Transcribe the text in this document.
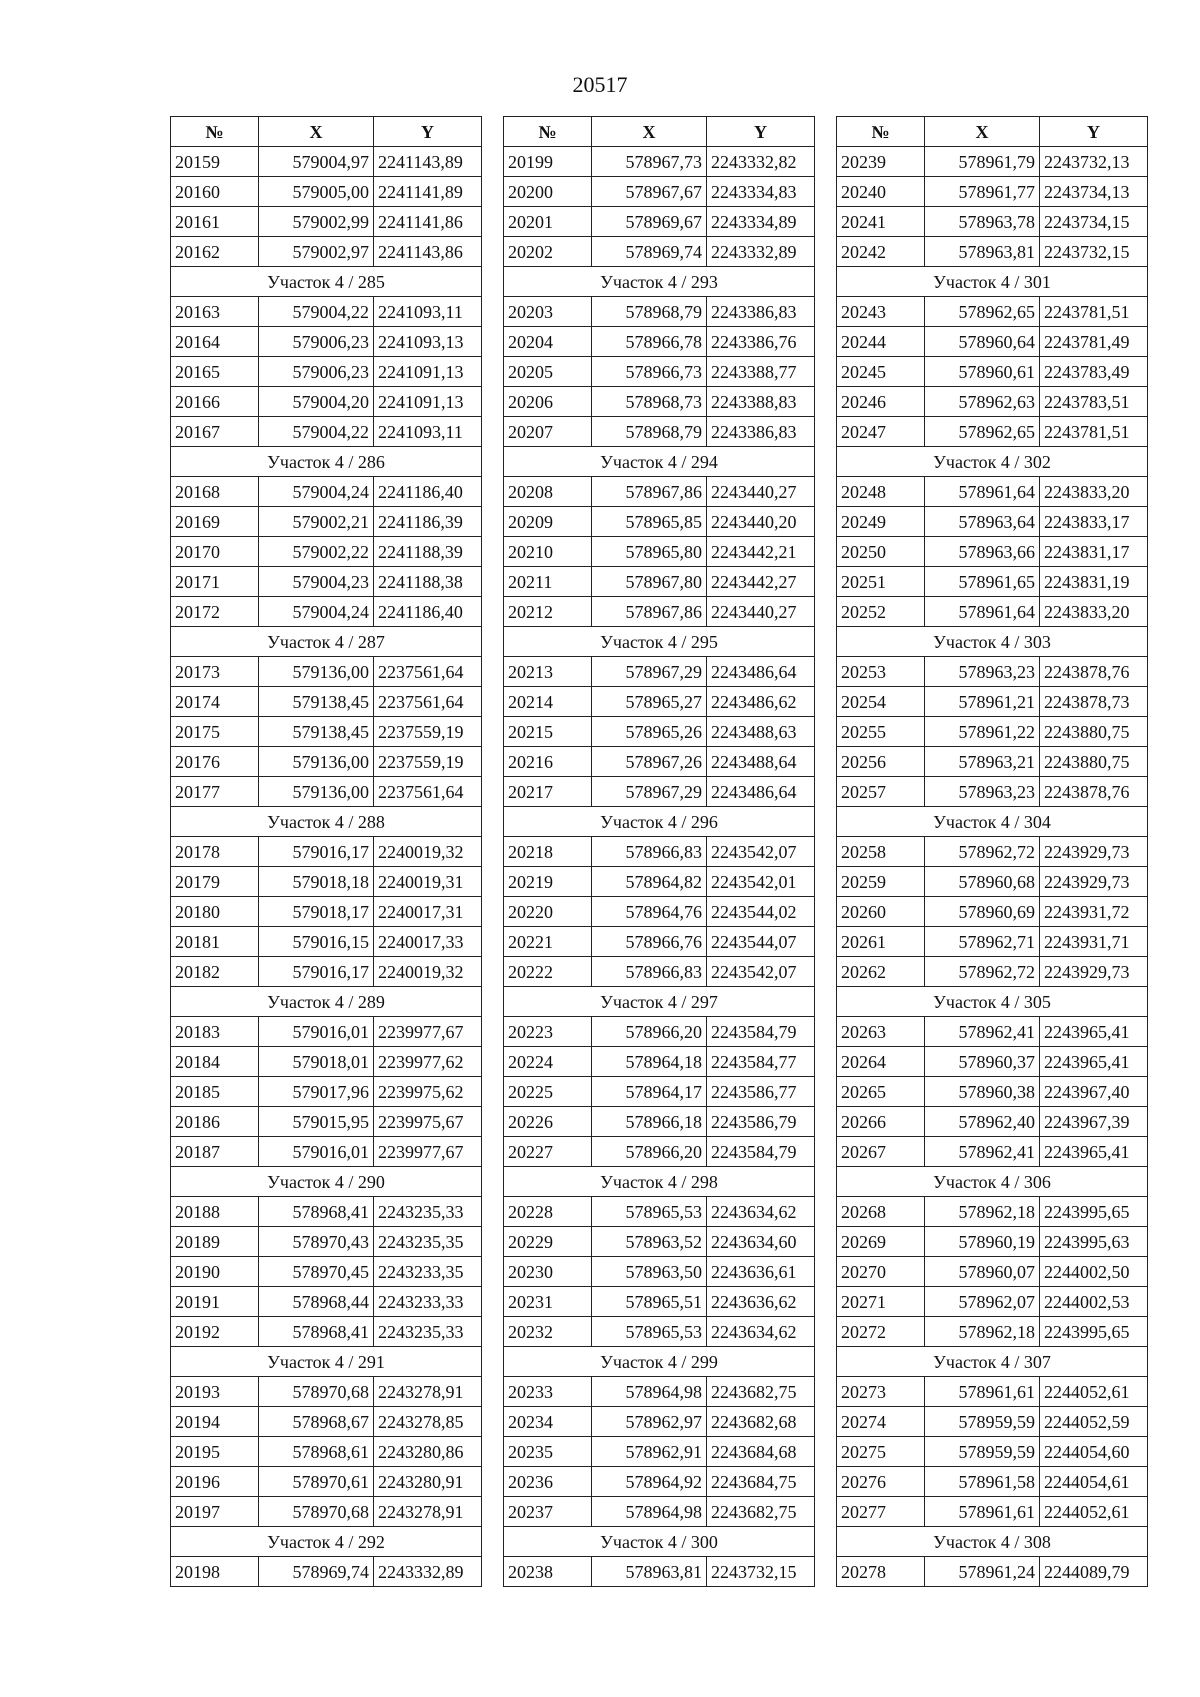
20517
№	X	Y
20159	579004,97	2241143,89
20160	579005,00	2241141,89
20161	579002,99	2241141,86
20162	579002,97	2241143,86
Участок 4 / 285		
20163	579004,22	2241093,11
20164	579006,23	2241093,13
20165	579006,23	2241091,13
20166	579004,20	2241091,13
20167	579004,22	2241093,11
Участок 4 / 286		
20168	579004,24	2241186,40
20169	579002,21	2241186,39
20170	579002,22	2241188,39
20171	579004,23	2241188,38
20172	579004,24	2241186,40
Участок 4 / 287		
20173	579136,00	2237561,64
20174	579138,45	2237561,64
20175	579138,45	2237559,19
20176	579136,00	2237559,19
20177	579136,00	2237561,64
Участок 4 / 288		
20178	579016,17	2240019,32
20179	579018,18	2240019,31
20180	579018,17	2240017,31
20181	579016,15	2240017,33
20182	579016,17	2240019,32
Участок 4 / 289		
20183	579016,01	2239977,67
20184	579018,01	2239977,62
20185	579017,96	2239975,62
20186	579015,95	2239975,67
20187	579016,01	2239977,67
Участок 4 / 290		
20188	578968,41	2243235,33
20189	578970,43	2243235,35
20190	578970,45	2243233,35
20191	578968,44	2243233,33
20192	578968,41	2243235,33
Участок 4 / 291		
20193	578970,68	2243278,91
20194	578968,67	2243278,85
20195	578968,61	2243280,86
20196	578970,61	2243280,91
20197	578970,68	2243278,91
Участок 4 / 292		
20198	578969,74	2243332,89
№	X	Y
20199	578967,73	2243332,82
20200	578967,67	2243334,83
20201	578969,67	2243334,89
20202	578969,74	2243332,89
Участок 4 / 293		
20203	578968,79	2243386,83
20204	578966,78	2243386,76
20205	578966,73	2243388,77
20206	578968,73	2243388,83
20207	578968,79	2243386,83
Участок 4 / 294		
20208	578967,86	2243440,27
20209	578965,85	2243440,20
20210	578965,80	2243442,21
20211	578967,80	2243442,27
20212	578967,86	2243440,27
Участок 4 / 295		
20213	578967,29	2243486,64
20214	578965,27	2243486,62
20215	578965,26	2243488,63
20216	578967,26	2243488,64
20217	578967,29	2243486,64
Участок 4 / 296		
20218	578966,83	2243542,07
20219	578964,82	2243542,01
20220	578964,76	2243544,02
20221	578966,76	2243544,07
20222	578966,83	2243542,07
Участок 4 / 297		
20223	578966,20	2243584,79
20224	578964,18	2243584,77
20225	578964,17	2243586,77
20226	578966,18	2243586,79
20227	578966,20	2243584,79
Участок 4 / 298		
20228	578965,53	2243634,62
20229	578963,52	2243634,60
20230	578963,50	2243636,61
20231	578965,51	2243636,62
20232	578965,53	2243634,62
Участок 4 / 299		
20233	578964,98	2243682,75
20234	578962,97	2243682,68
20235	578962,91	2243684,68
20236	578964,92	2243684,75
20237	578964,98	2243682,75
Участок 4 / 300		
20238	578963,81	2243732,15
№	X	Y
20239	578961,79	2243732,13
20240	578961,77	2243734,13
20241	578963,78	2243734,15
20242	578963,81	2243732,15
Участок 4 / 301		
20243	578962,65	2243781,51
20244	578960,64	2243781,49
20245	578960,61	2243783,49
20246	578962,63	2243783,51
20247	578962,65	2243781,51
Участок 4 / 302		
20248	578961,64	2243833,20
20249	578963,64	2243833,17
20250	578963,66	2243831,17
20251	578961,65	2243831,19
20252	578961,64	2243833,20
Участок 4 / 303		
20253	578963,23	2243878,76
20254	578961,21	2243878,73
20255	578961,22	2243880,75
20256	578963,21	2243880,75
20257	578963,23	2243878,76
Участок 4 / 304		
20258	578962,72	2243929,73
20259	578960,68	2243929,73
20260	578960,69	2243931,72
20261	578962,71	2243931,71
20262	578962,72	2243929,73
Участок 4 / 305		
20263	578962,41	2243965,41
20264	578960,37	2243965,41
20265	578960,38	2243967,40
20266	578962,40	2243967,39
20267	578962,41	2243965,41
Участок 4 / 306		
20268	578962,18	2243995,65
20269	578960,19	2243995,63
20270	578960,07	2244002,50
20271	578962,07	2244002,53
20272	578962,18	2243995,65
Участок 4 / 307		
20273	578961,61	2244052,61
20274	578959,59	2244052,59
20275	578959,59	2244054,60
20276	578961,58	2244054,61
20277	578961,61	2244052,61
Участок 4 / 308		
20278	578961,24	2244089,79
